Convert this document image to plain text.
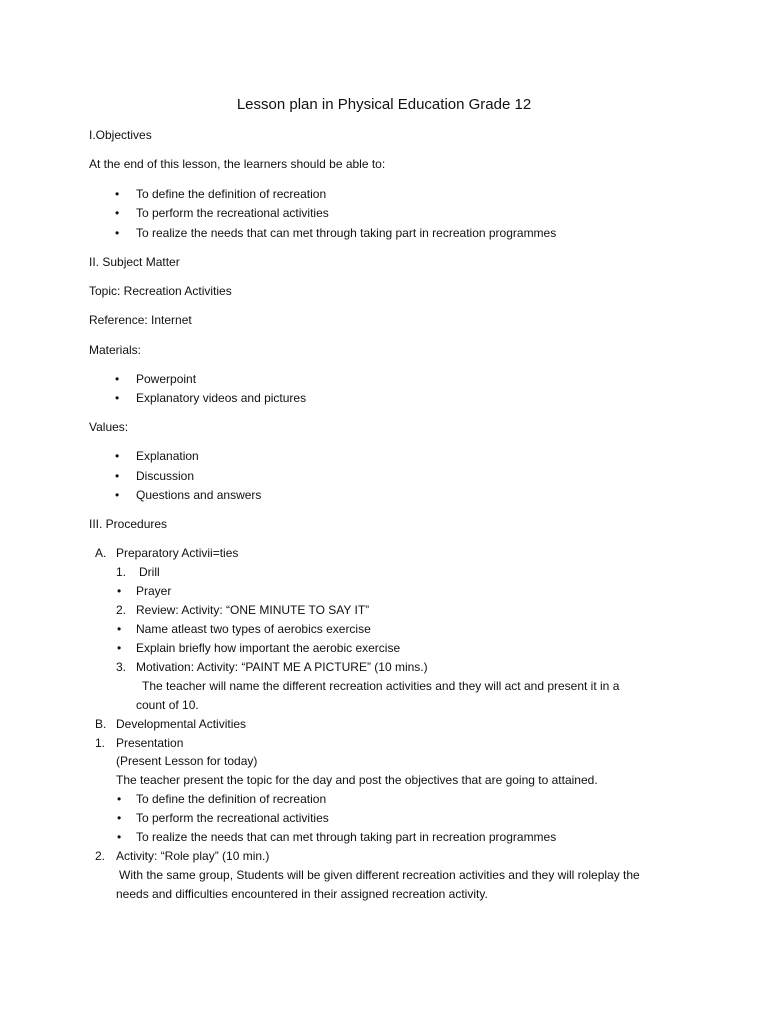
Lesson plan in Physical Education Grade 12
I.Objectives
At the end of this lesson, the learners should be able to:
• To define the definition of recreation
• To perform the recreational activities
• To realize the needs that can met through taking part in recreation programmes
II. Subject Matter
Topic: Recreation Activities
Reference: Internet
Materials:
• Powerpoint
• Explanatory videos and pictures
Values:
• Explanation
• Discussion
• Questions and answers
III. Procedures
A. Preparatory Activii=ties
1. Drill
• Prayer
2. Review: Activity: “ONE MINUTE TO SAY IT”
• Name atleast two types of aerobics exercise
• Explain briefly how important the aerobic exercise
3. Motivation: Activity: “PAINT ME A PICTURE” (10 mins.)
The teacher will name the different recreation activities and they will act and present it in a
count of 10.
B. Developmental Activities
1. Presentation
(Present Lesson for today)
The teacher present the topic for the day and post the objectives that are going to attained.
• To define the definition of recreation
• To perform the recreational activities
• To realize the needs that can met through taking part in recreation programmes
2. Activity: “Role play” (10 min.)
With the same group, Students will be given different recreation activities and they will roleplay the
needs and difficulties encountered in their assigned recreation activity.
